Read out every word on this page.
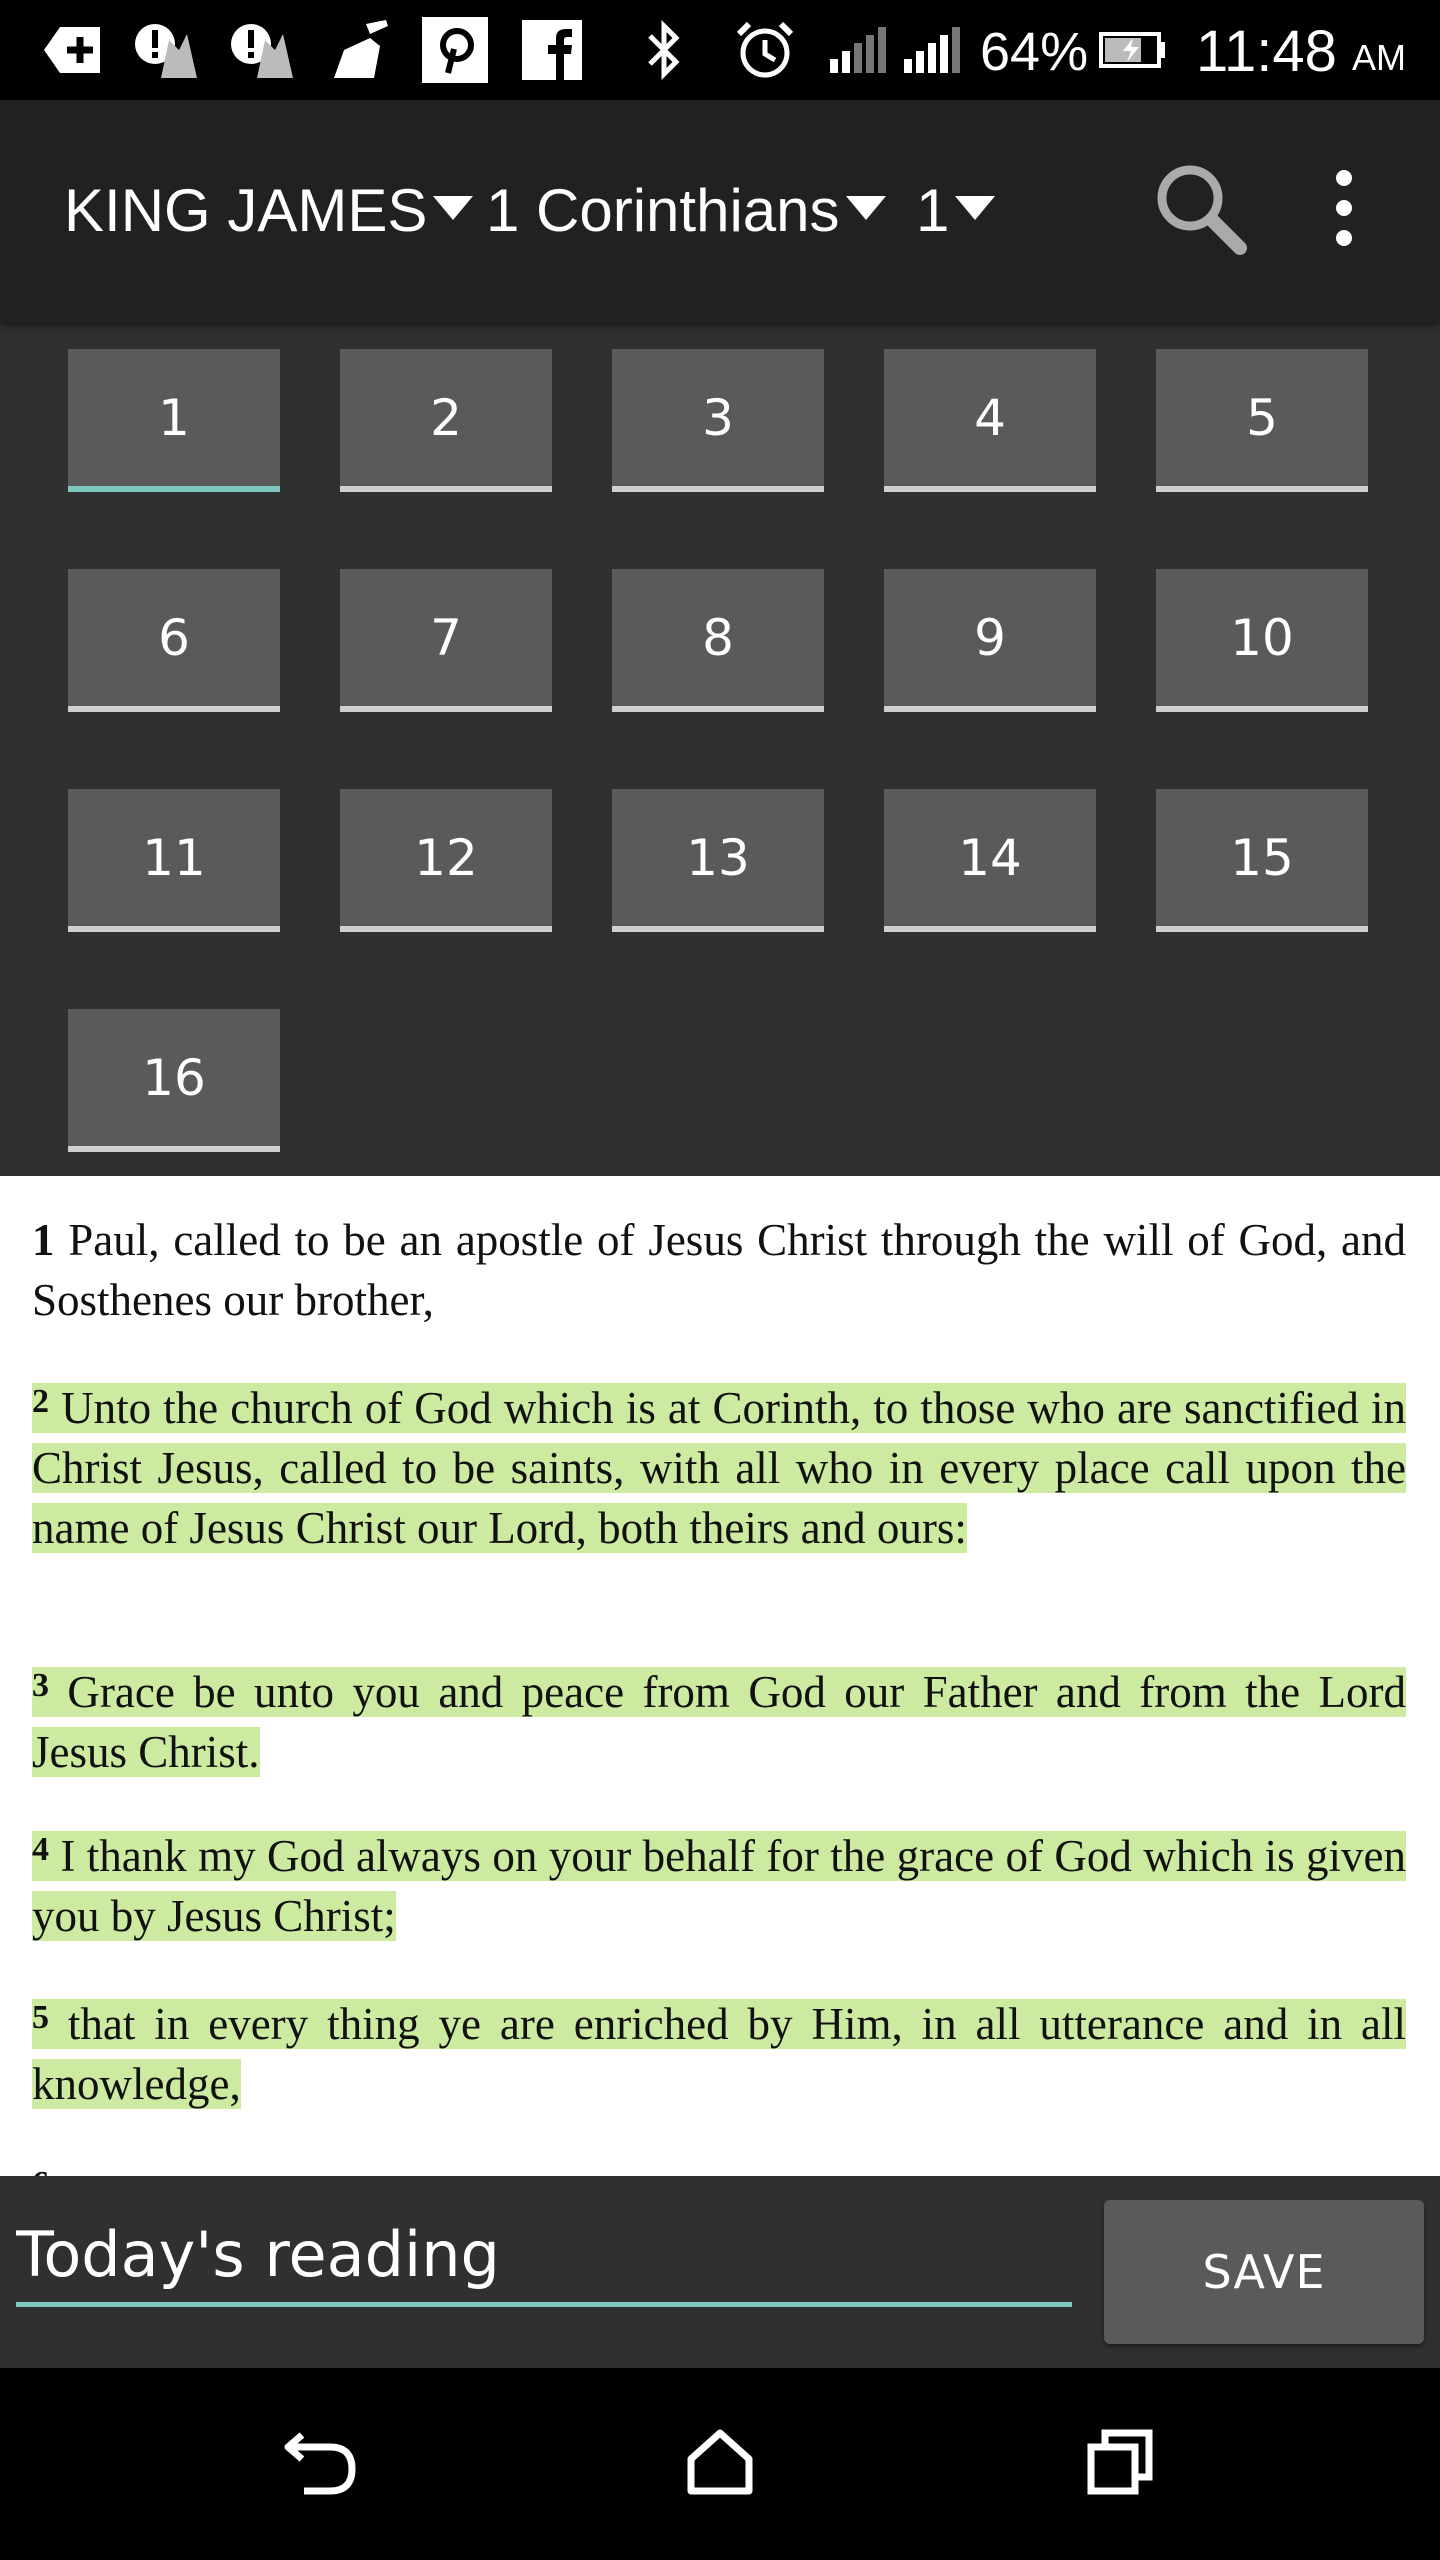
64% 11:48 AM
KING JAMES 1 Corinthians 1
1	2	3	4	5
6	7	8	9	10
11	12	13	14	15
16

1 Paul, called to be an apostle of Jesus Christ through the will of God, and Sosthenes our brother,

$^2$ Unto the church of God which is at Corinth, to those who are sanctified in Christ Jesus, called to be saints, with all who in every place call upon the name of Jesus Christ our Lord, both theirs and ours:

$^3$ Grace be unto you and peace from God our Father and from the Lord Jesus Christ.

$^4$ I thank my God always on your behalf for the grace of God which is given you by Jesus Christ;

$^5$ that in every thing ye are enriched by Him, in all utterance and in all knowledge,

Today's reading
SAVE
